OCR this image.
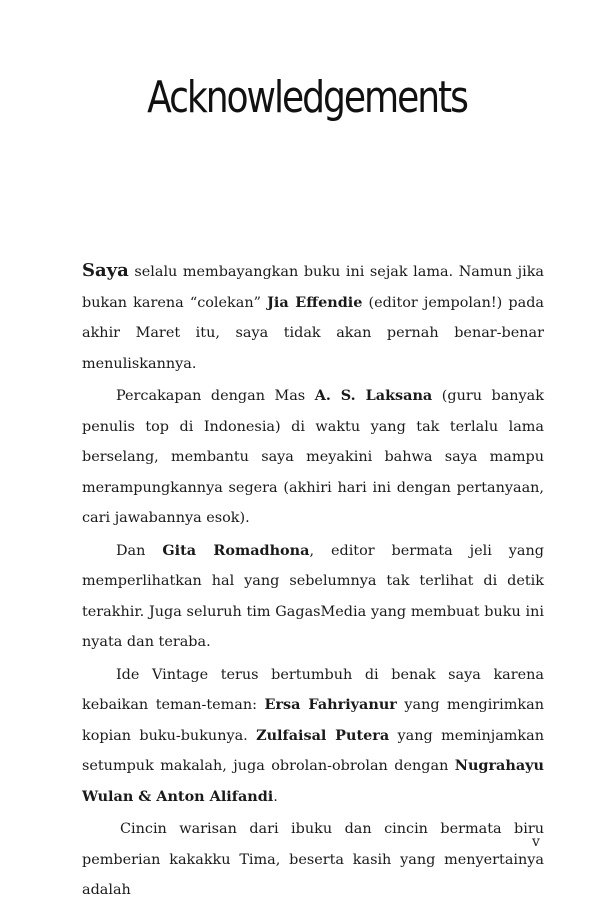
Acknowledgements

Saya selalu membayangkan buku ini sejak lama. Namun jika bukan karena “colekan” Jia Effendie (editor jempolan!) pada akhir Maret itu, saya tidak akan pernah benar-benar menuliskannya.

Percakapan dengan Mas A. S. Laksana (guru banyak penulis top di Indonesia) di waktu yang tak terlalu lama berselang, membantu saya meyakini bahwa saya mampu merampungkannya segera (akhiri hari ini dengan pertanyaan, cari jawabannya esok).

Dan Gita Romadhona, editor bermata jeli yang memperlihatkan hal yang sebelumnya tak terlihat di detik terakhir. Juga seluruh tim GagasMedia yang membuat buku ini nyata dan teraba.

Ide Vintage terus bertumbuh di benak saya karena kebaikan teman-teman: Ersa Fahriyanur yang mengirimkan kopian buku-bukunya. Zulfaisal Putera yang meminjamkan setumpuk makalah, juga obrolan-obrolan dengan Nugrahayu Wulan & Anton Alifandi.

Cincin warisan dari ibuku dan cincin bermata biru pemberian kakakku Tima, beserta kasih yang menyertainya adalah

v
